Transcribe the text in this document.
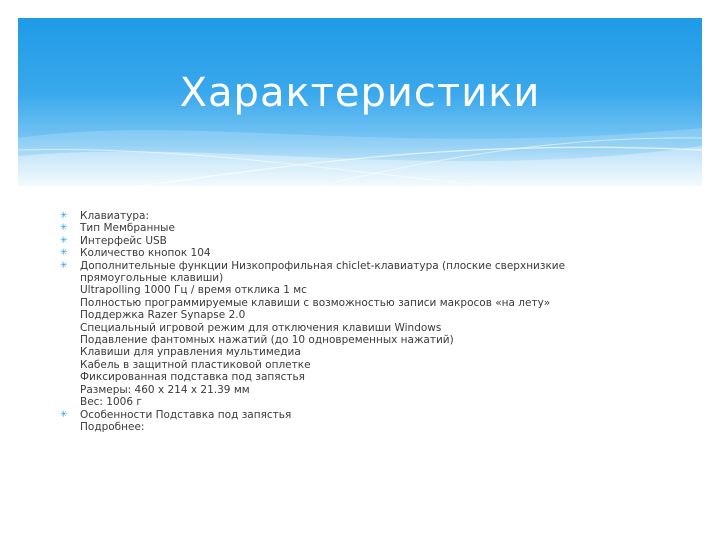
Характеристики
✳ Клавиатура:
✳ Тип Мембранные
✳ Интерфейс USB
✳ Количество кнопок 104
✳ Дополнительные функции Низкопрофильная chiclet-клавиатура (плоские сверхнизкие
прямоугольные клавиши)
Ultrapolling 1000 Гц / время отклика 1 мс
Полностью программируемые клавиши с возможностью записи макросов «на лету»
Поддержка Razer Synapse 2.0
Специальный игровой режим для отключения клавиши Windows
Подавление фантомных нажатий (до 10 одновременных нажатий)
Клавиши для управления мультимедиа
Кабель в защитной пластиковой оплетке
Фиксированная подставка под запястья
Размеры: 460 x 214 x 21.39 мм
Вес: 1006 г
✳ Особенности Подставка под запястья
Подробнее:
